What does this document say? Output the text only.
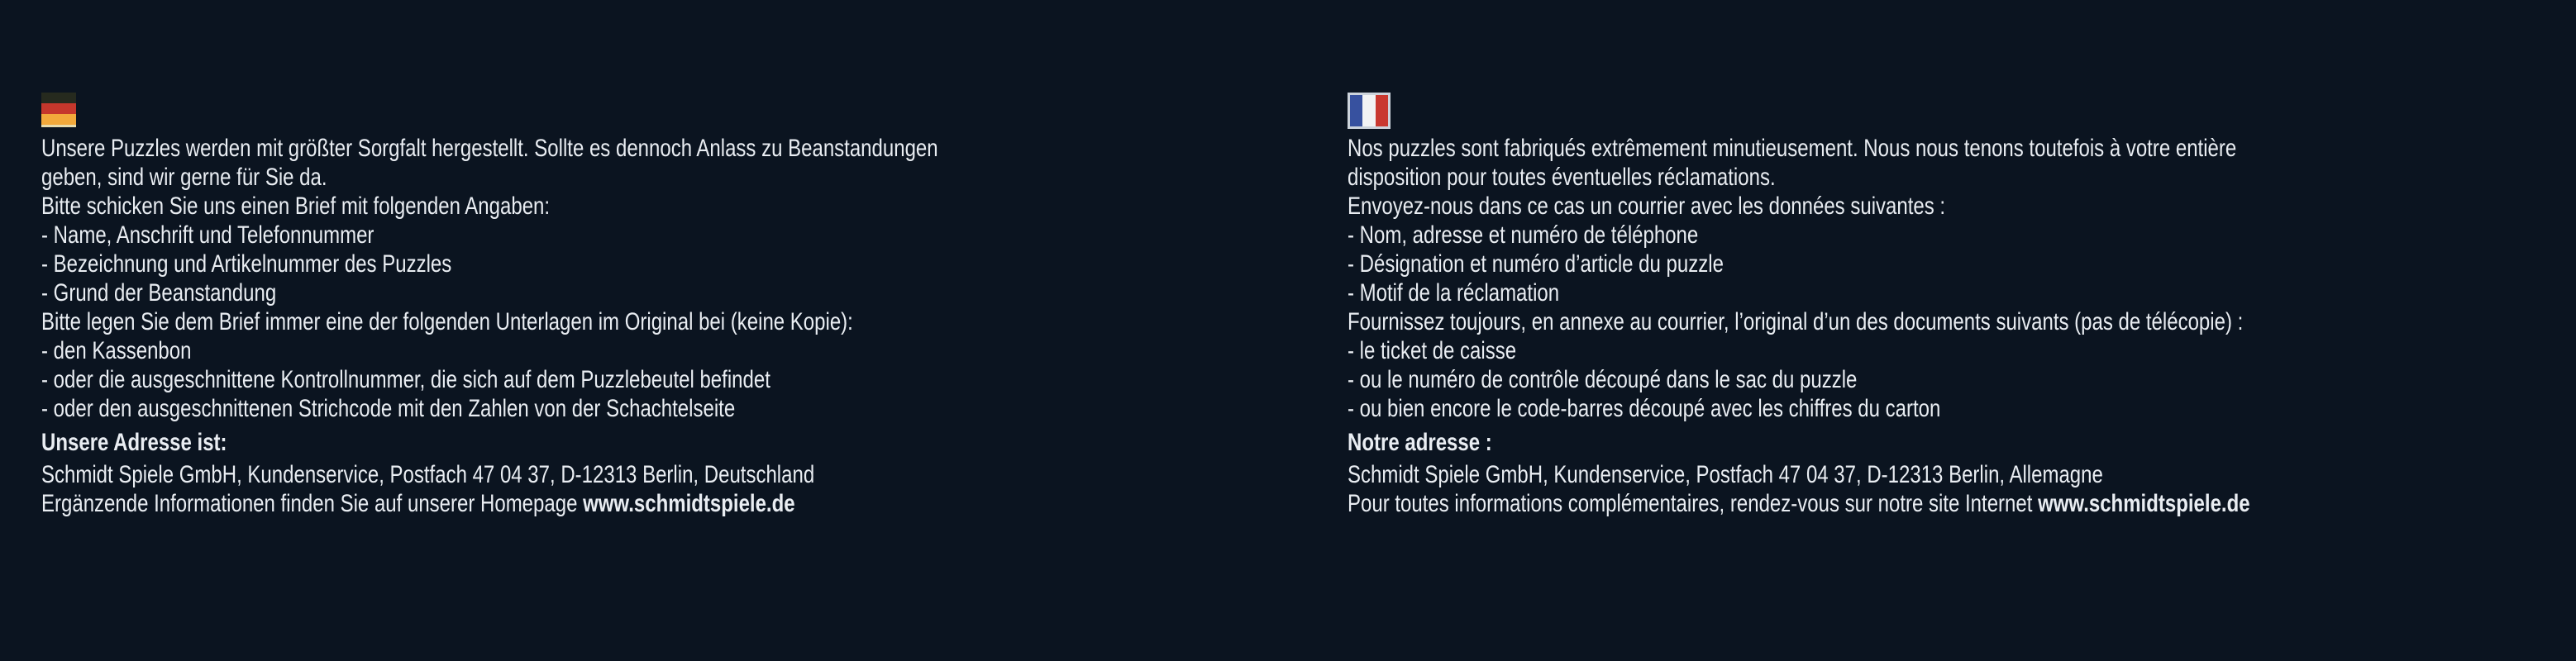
Unsere Puzzles werden mit größter Sorgfalt hergestellt. Sollte es dennoch Anlass zu Beanstandungen
geben, sind wir gerne für Sie da.
Bitte schicken Sie uns einen Brief mit folgenden Angaben:
- Name, Anschrift und Telefonnummer
- Bezeichnung und Artikelnummer des Puzzles
- Grund der Beanstandung
Bitte legen Sie dem Brief immer eine der folgenden Unterlagen im Original bei (keine Kopie):
- den Kassenbon
- oder die ausgeschnittene Kontrollnummer, die sich auf dem Puzzlebeutel befindet
- oder den ausgeschnittenen Strichcode mit den Zahlen von der Schachtelseite
Unsere Adresse ist:
Schmidt Spiele GmbH, Kundenservice, Postfach 47 04 37, D-12313 Berlin, Deutschland
Ergänzende Informationen finden Sie auf unserer Homepage www.schmidtspiele.de
Nos puzzles sont fabriqués extrêmement minutieusement. Nous nous tenons toutefois à votre entière
disposition pour toutes éventuelles réclamations.
Envoyez-nous dans ce cas un courrier avec les données suivantes :
- Nom, adresse et numéro de téléphone
- Désignation et numéro d’article du puzzle
- Motif de la réclamation
Fournissez toujours, en annexe au courrier, l’original d’un des documents suivants (pas de télécopie) :
- le ticket de caisse
- ou le numéro de contrôle découpé dans le sac du puzzle
- ou bien encore le code-barres découpé avec les chiffres du carton
Notre adresse :
Schmidt Spiele GmbH, Kundenservice, Postfach 47 04 37, D-12313 Berlin, Allemagne
Pour toutes informations complémentaires, rendez-vous sur notre site Internet www.schmidtspiele.de
